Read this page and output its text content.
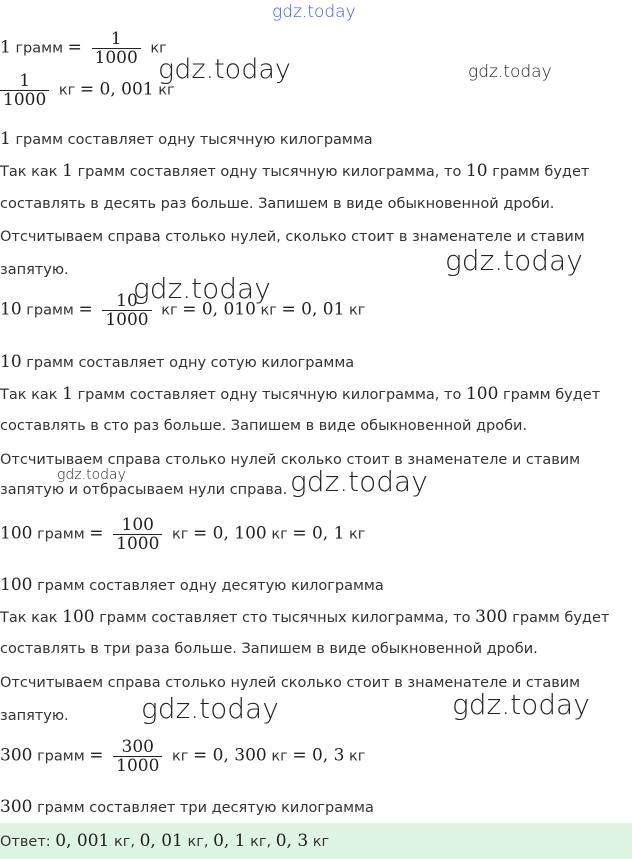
gdz.today
gdz.today	gdz.today
gdz.today
gdz.today
gdz.today	gdz.today
gdz.today	gdz.today
1 грамм = $\frac{1}{1000}$ кг
$\frac{1}{1000}$ кг = 0, 001 кг
1 грамм составляет одну тысячную килограмма
Так как 1 грамм составляет одну тысячную килограмма, то 10 грамм будет
составлять в десять раз больше. Запишем в виде обыкновенной дроби.
Отсчитываем справа столько нулей, сколько стоит в знаменателе и ставим
запятую.
10 грамм = $\frac{10}{1000}$ кг = 0, 010 кг = 0, 01 кг
10 грамм составляет одну сотую килограмма
Так как 1 грамм составляет одну тысячную килограмма, то 100 грамм будет
составлять в сто раз больше. Запишем в виде обыкновенной дроби.
Отсчитываем справа столько нулей сколько стоит в знаменателе и ставим
запятую и отбрасываем нули справа.
100 грамм = $\frac{100}{1000}$ кг = 0, 100 кг = 0, 1 кг
100 грамм составляет одну десятую килограмма
Так как 100 грамм составляет сто тысячных килограмма, то 300 грамм будет
составлять в три раза больше. Запишем в виде обыкновенной дроби.
Отсчитываем справа столько нулей сколько стоит в знаменателе и ставим
запятую.
300 грамм = $\frac{300}{1000}$ кг = 0, 300 кг = 0, 3 кг
300 грамм составляет три десятую килограмма
Ответ: 0, 001 кг, 0, 01 кг, 0, 1 кг, 0, 3 кг
